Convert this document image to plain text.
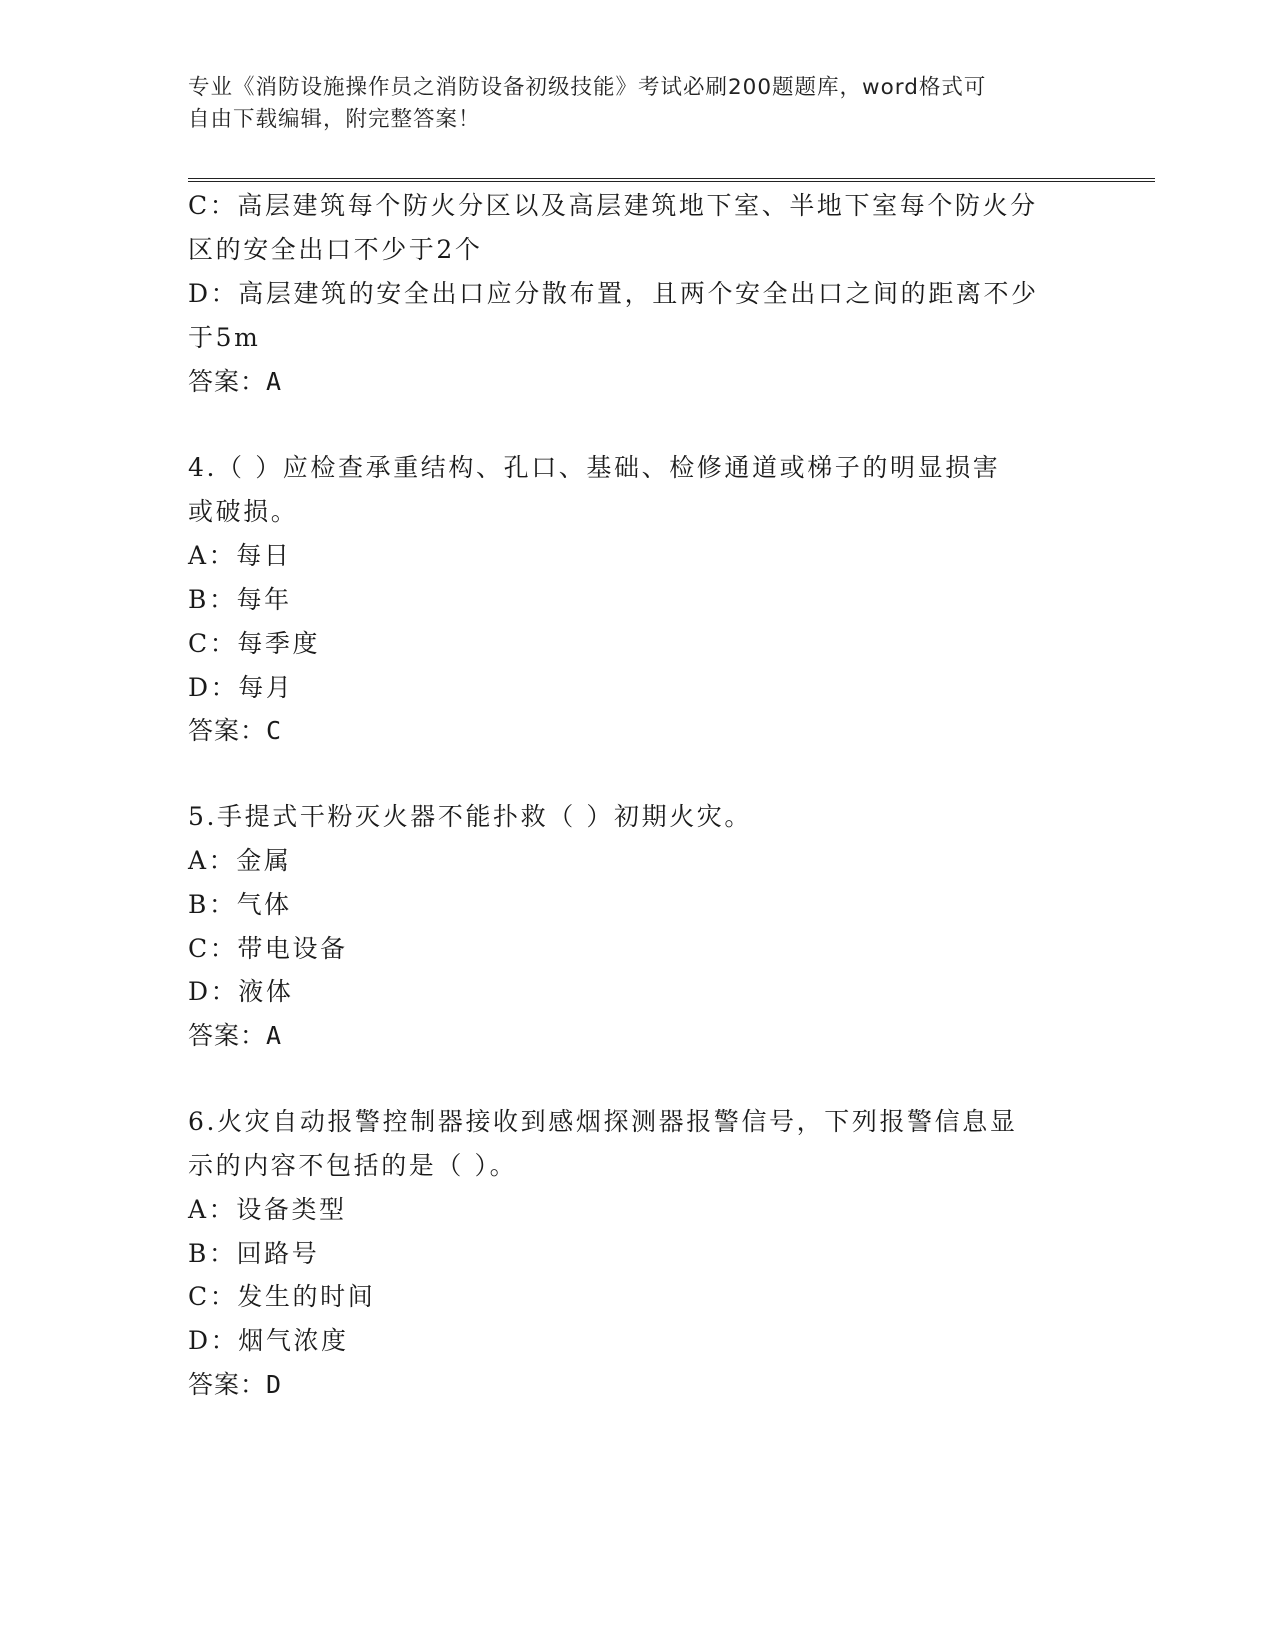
专业《消防设施操作员之消防设备初级技能》考试必刷200题题库，word格式可
自由下载编辑，附完整答案！
C：高层建筑每个防火分区以及高层建筑地下室、半地下室每个防火分
区的安全出口不少于2个
D：高层建筑的安全出口应分散布置，且两个安全出口之间的距离不少
于5m
答案：A
4.（ ）应检查承重结构、孔口、基础、检修通道或梯子的明显损害
或破损。
A：每日
B：每年
C：每季度
D：每月
答案：C
5.手提式干粉灭火器不能扑救（ ）初期火灾。
A：金属
B：气体
C：带电设备
D：液体
答案：A
6.火灾自动报警控制器接收到感烟探测器报警信号，下列报警信息显
示的内容不包括的是（ ）。
A：设备类型
B：回路号
C：发生的时间
D：烟气浓度
答案：D
